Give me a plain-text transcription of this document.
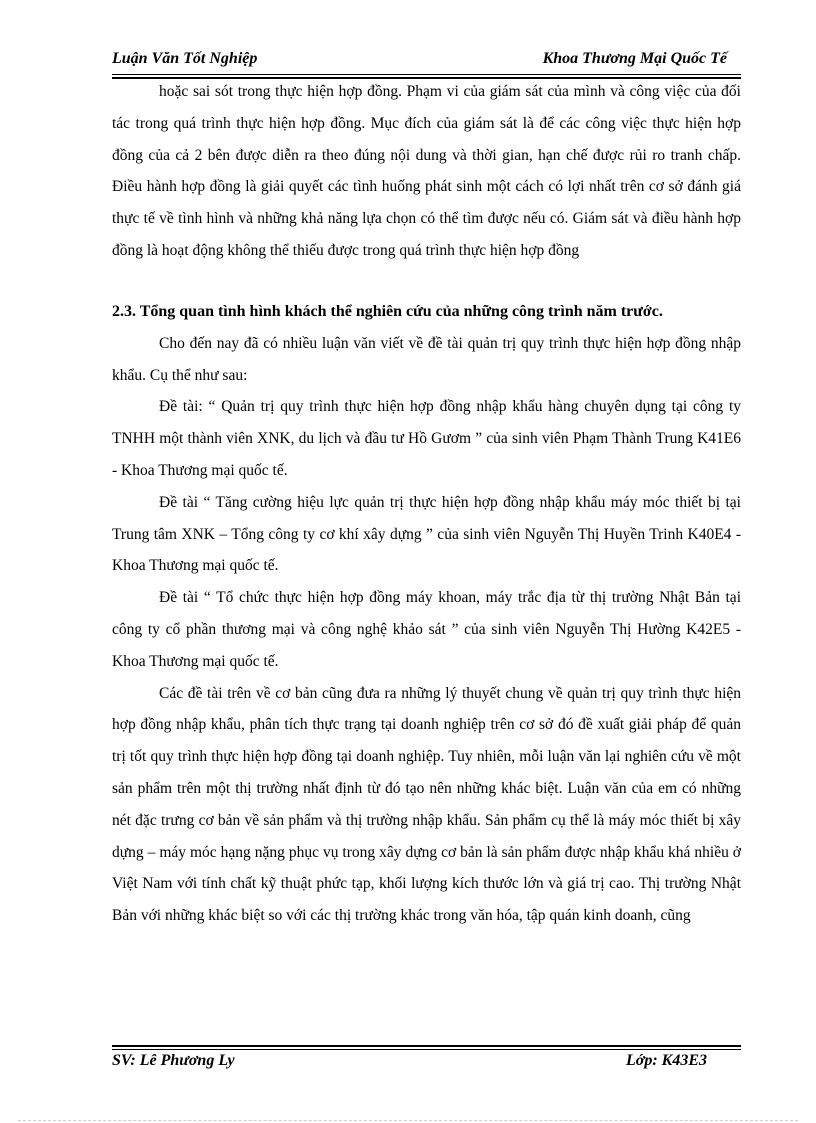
Luận Văn Tốt Nghiệp	Khoa Thương Mại Quốc Tế

hoặc sai sót trong thực hiện hợp đồng. Phạm vi của giám sát của mình và công việc của đối tác trong quá trình thực hiện hợp đồng. Mục đích của giám sát là để các công việc thực hiện hợp đồng của cả 2 bên được diễn ra theo đúng nội dung và thời gian, hạn chế được rủi ro tranh chấp. Điều hành hợp đồng là giải quyết các tình huống phát sinh một cách có lợi nhất trên cơ sở đánh giá thực tế về tình hình và những khả năng lựa chọn có thể tìm được nếu có. Giám sát và điều hành hợp đồng là hoạt động không thể thiếu được trong quá trình thực hiện hợp đồng

2.3. Tổng quan tình hình khách thể nghiên cứu của những công trình năm trước.

Cho đến nay đã có nhiều luận văn viết về đề tài quản trị quy trình thực hiện hợp đồng nhập khẩu. Cụ thể như sau:

Đề tài: “ Quản trị quy trình thực hiện hợp đồng nhập khẩu hàng chuyên dụng tại công ty TNHH một thành viên XNK, du lịch và đầu tư Hồ Gươm ” của sinh viên Phạm Thành Trung K41E6 - Khoa Thương mại quốc tế.

Đề tài “ Tăng cường hiệu lực quản trị thực hiện hợp đồng nhập khẩu máy móc thiết bị tại Trung tâm XNK – Tổng công ty cơ khí xây dựng ” của sinh viên Nguyễn Thị Huyền Trinh K40E4 - Khoa Thương mại quốc tế.

Đề tài “ Tổ chức thực hiện hợp đồng máy khoan, máy trắc địa từ thị trường Nhật Bản tại công ty cổ phần thương mại và công nghệ khảo sát ” của sinh viên Nguyễn Thị Hường K42E5 - Khoa Thương mại quốc tế.

Các đề tài trên về cơ bản cũng đưa ra những lý thuyết chung về quản trị quy trình thực hiện hợp đồng nhập khẩu, phân tích thực trạng tại doanh nghiệp trên cơ sở đó đề xuất giải pháp để quản trị tốt quy trình thực hiện hợp đồng tại doanh nghiệp. Tuy nhiên, mỗi luận văn lại nghiên cứu về một sản phẩm trên một thị trường nhất định từ đó tạo nên những khác biệt. Luận văn của em có những nét đặc trưng cơ bản về sản phẩm và thị trường nhập khẩu. Sản phẩm cụ thể là máy móc thiết bị xây dựng – máy móc hạng nặng phục vụ trong xây dựng cơ bản là sản phẩm được nhập khẩu khá nhiều ở Việt Nam với tính chất kỹ thuật phức tạp, khối lượng kích thước lớn và giá trị cao. Thị trường Nhật Bản với những khác biệt so với các thị trường khác trong văn hóa, tập quán kinh doanh, cũng

SV: Lê Phương Ly	Lớp: K43E3
